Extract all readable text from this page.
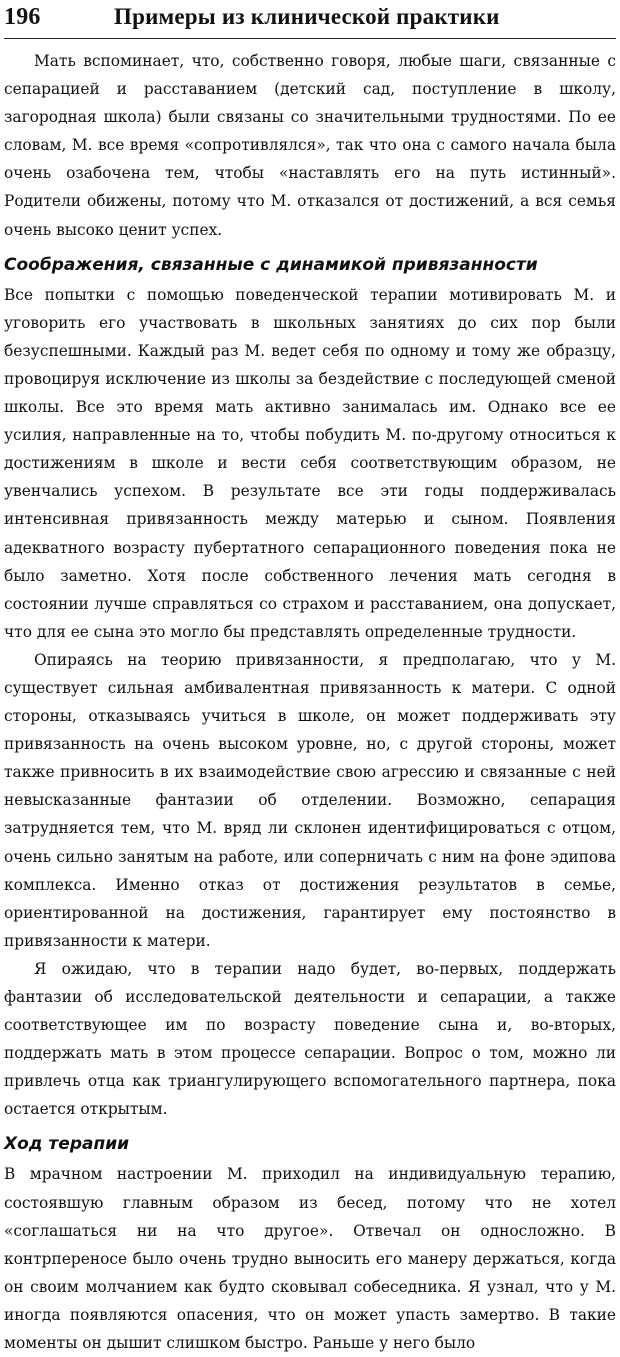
196	Примеры из клинической практики

Мать вспоминает, что, собственно говоря, любые шаги, связанные с сепарацией и расставанием (детский сад, поступление в школу, загородная школа) были связаны со значительными трудностями. По ее словам, М. все время «сопротивлялся», так что она с самого начала была очень озабочена тем, чтобы «наставлять его на путь истинный». Родители обижены, потому что М. отказался от достижений, а вся семья очень высоко ценит успех.

Соображения, связанные с динамикой привязанности

Все попытки с помощью поведенческой терапии мотивировать М. и уговорить его участвовать в школьных занятиях до сих пор были безуспешными. Каждый раз М. ведет себя по одному и тому же образцу, провоцируя исключение из школы за бездействие с последующей сменой школы. Все это время мать активно занималась им. Однако все ее усилия, направленные на то, чтобы побудить М. по-другому относиться к достижениям в школе и вести себя соответствующим образом, не увенчались успехом. В результате все эти годы поддерживалась интенсивная привязанность между матерью и сыном. Появления адекватного возрасту пубертатного сепарационного поведения пока не было заметно. Хотя после собственного лечения мать сегодня в состоянии лучше справляться со страхом и расставанием, она допускает, что для ее сына это могло бы представлять определенные трудности.

Опираясь на теорию привязанности, я предполагаю, что у М. существует сильная амбивалентная привязанность к матери. С одной стороны, отказываясь учиться в школе, он может поддерживать эту привязанность на очень высоком уровне, но, с другой стороны, может также привносить в их взаимодействие свою агрессию и связанные с ней невысказанные фантазии об отделении. Возможно, сепарация затрудняется тем, что М. вряд ли склонен идентифицироваться с отцом, очень сильно занятым на работе, или соперничать с ним на фоне эдипова комплекса. Именно отказ от достижения результатов в семье, ориентированной на достижения, гарантирует ему постоянство в привязанности к матери.

Я ожидаю, что в терапии надо будет, во-первых, поддержать фантазии об исследовательской деятельности и сепарации, а также соответствующее им по возрасту поведение сына и, во-вторых, поддержать мать в этом процессе сепарации. Вопрос о том, можно ли привлечь отца как триангулирующего вспомогательного партнера, пока остается открытым.

Ход терапии

В мрачном настроении М. приходил на индивидуальную терапию, состоявшую главным образом из бесед, потому что не хотел «соглашаться ни на что другое». Отвечал он односложно. В контрпереносе было очень трудно выносить его манеру держаться, когда он своим молчанием как будто сковывал собеседника. Я узнал, что у М. иногда появляются опасения, что он может упасть замертво. В такие моменты он дышит слишком быстро. Раньше у него было
